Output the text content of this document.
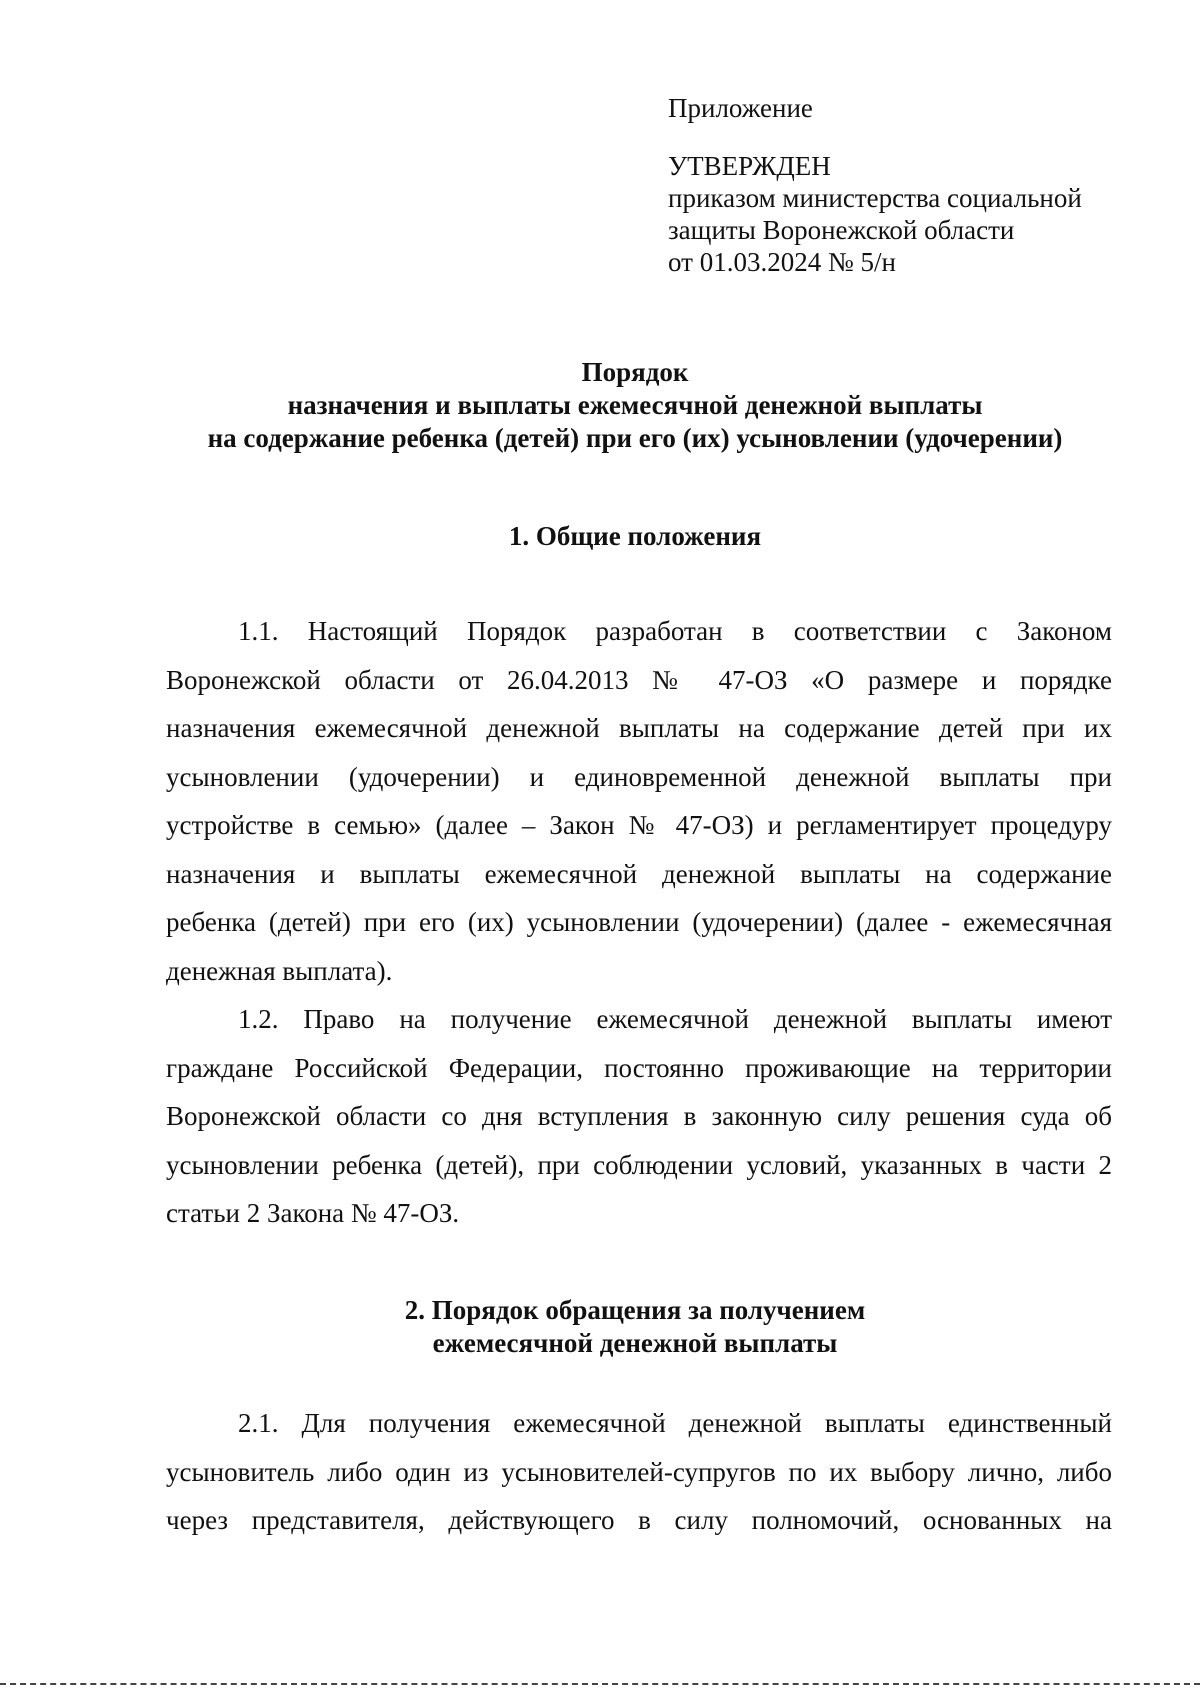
Приложение
УТВЕРЖДЕН
приказом министерства социальной
защиты Воронежской области
от 01.03.2024 № 5/н
Порядок
назначения и выплаты ежемесячной денежной выплаты
на содержание ребенка (детей) при его (их) усыновлении (удочерении)
1. Общие положения
1.1. Настоящий Порядок разработан в соответствии с Законом
Воронежской области от 26.04.2013 № 47-ОЗ «О размере и порядке
назначения ежемесячной денежной выплаты на содержание детей при их
усыновлении (удочерении) и единовременной денежной выплаты при
устройстве в семью» (далее – Закон № 47-ОЗ) и регламентирует процедуру
назначения и выплаты ежемесячной денежной выплаты на содержание
ребенка (детей) при его (их) усыновлении (удочерении) (далее - ежемесячная
денежная выплата).
1.2. Право на получение ежемесячной денежной выплаты имеют
граждане Российской Федерации, постоянно проживающие на территории
Воронежской области со дня вступления в законную силу решения суда об
усыновлении ребенка (детей), при соблюдении условий, указанных в части 2
статьи 2 Закона № 47-ОЗ.
2. Порядок обращения за получением
ежемесячной денежной выплаты
2.1. Для получения ежемесячной денежной выплаты единственный
усыновитель либо один из усыновителей-супругов по их выбору лично, либо
через представителя, действующего в силу полномочий, основанных на
